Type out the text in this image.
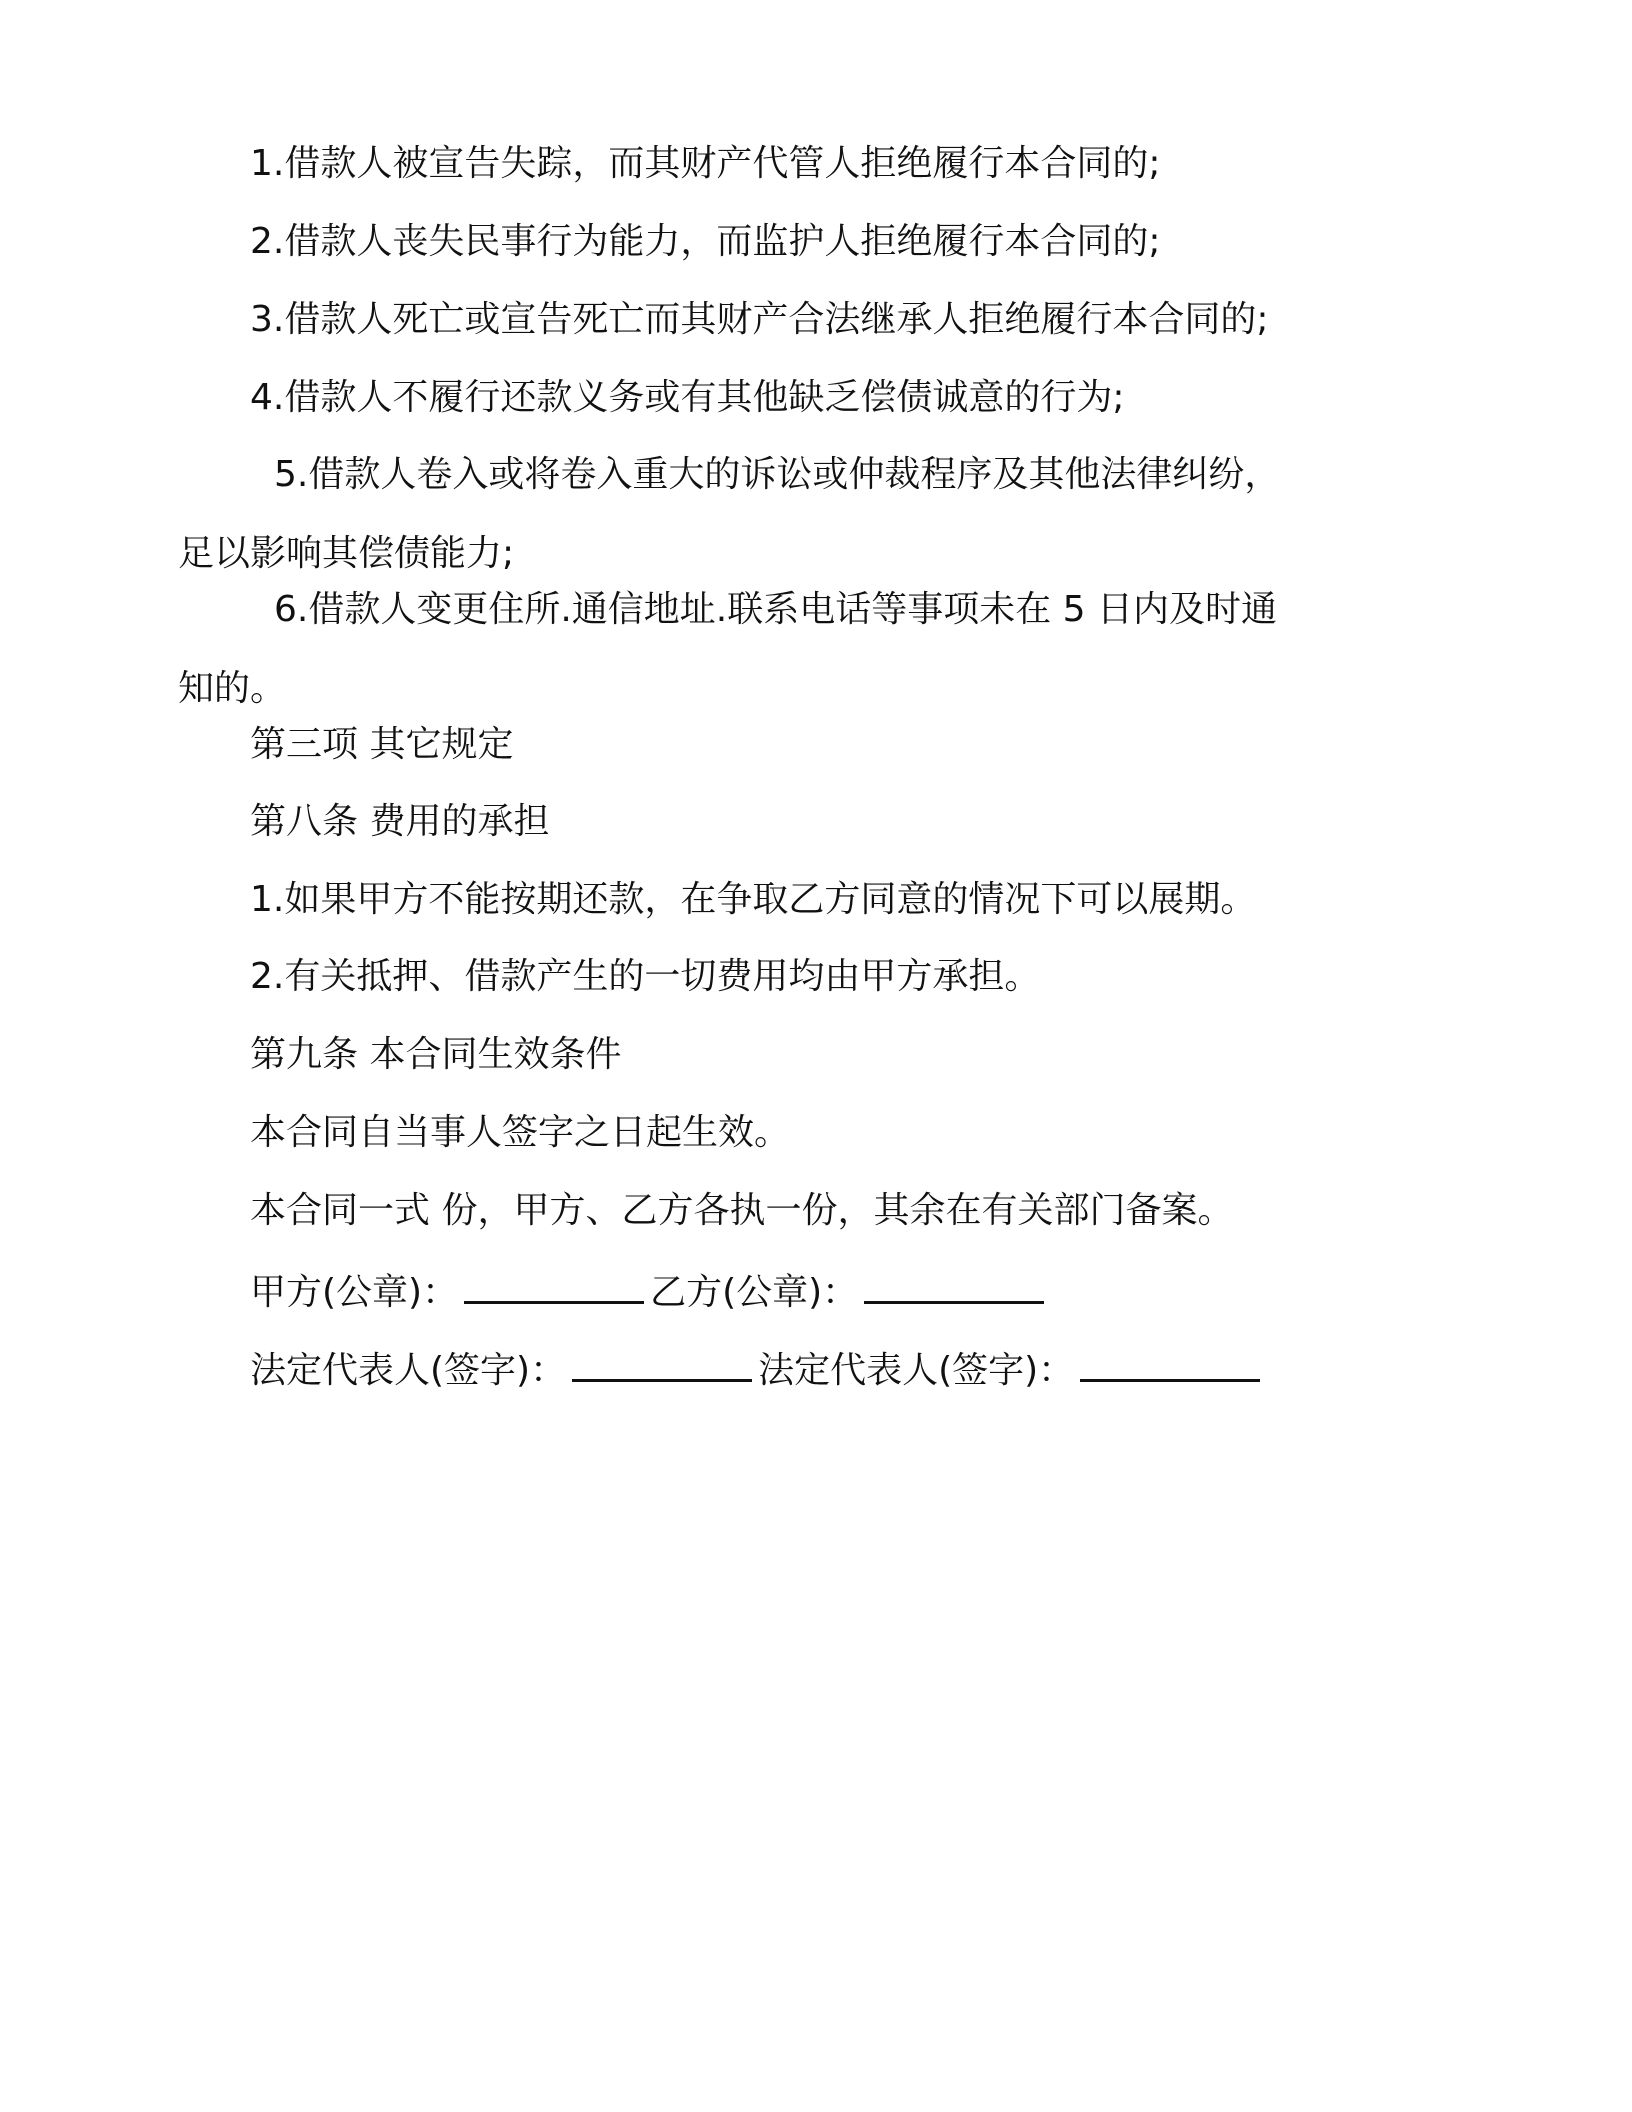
1.借款人被宣告失踪，而其财产代管人拒绝履行本合同的;

2.借款人丧失民事行为能力，而监护人拒绝履行本合同的;

3.借款人死亡或宣告死亡而其财产合法继承人拒绝履行本合同的;

4.借款人不履行还款义务或有其他缺乏偿债诚意的行为;

5.借款人卷入或将卷入重大的诉讼或仲裁程序及其他法律纠纷，
足以影响其偿债能力;
6.借款人变更住所.通信地址.联系电话等事项未在 5 日内及时通
知的。

第三项 其它规定

第八条 费用的承担

1.如果甲方不能按期还款，在争取乙方同意的情况下可以展期。

2.有关抵押、借款产生的一切费用均由甲方承担。

第九条 本合同生效条件

本合同自当事人签字之日起生效。

本合同一式 份，甲方、乙方各执一份，其余在有关部门备案。

甲方(公章)：	乙方(公章)：

法定代表人(签字)：	法定代表人(签字)：
